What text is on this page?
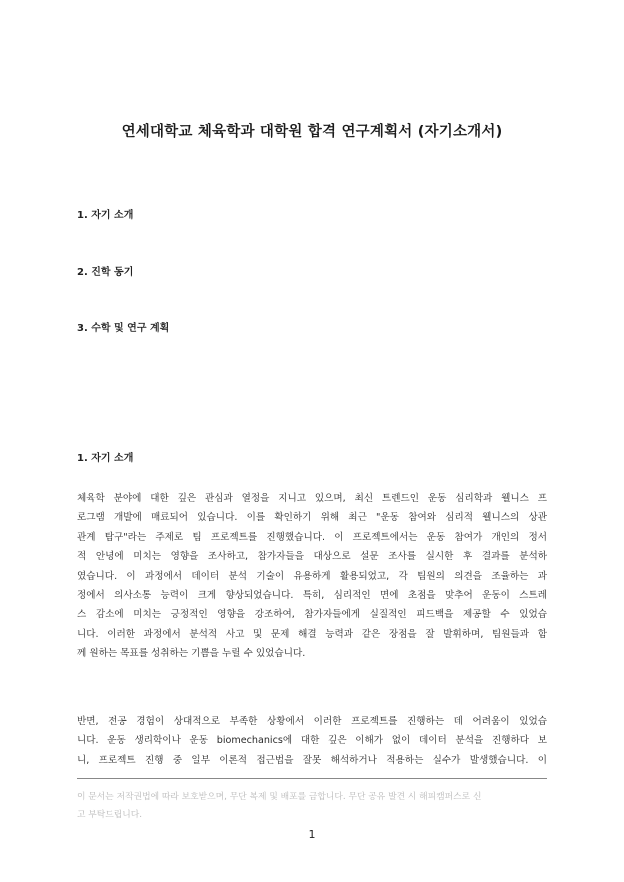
연세대학교 체육학과 대학원 합격 연구계획서 (자기소개서)
1. 자기 소개
2. 진학 동기
3. 수학 및 연구 계획
1. 자기 소개
체육학 분야에 대한 깊은 관심과 열정을 지니고 있으며, 최신 트렌드인 운동 심리학과 웰니스 프
로그램 개발에 매료되어 있습니다. 이를 확인하기 위해 최근 "운동 참여와 심리적 웰니스의 상관
관계 탐구"라는 주제로 팀 프로젝트를 진행했습니다. 이 프로젝트에서는 운동 참여가 개인의 정서
적 안녕에 미치는 영향을 조사하고, 참가자들을 대상으로 설문 조사를 실시한 후 결과를 분석하
였습니다. 이 과정에서 데이터 분석 기술이 유용하게 활용되었고, 각 팀원의 의견을 조율하는 과
정에서 의사소통 능력이 크게 향상되었습니다. 특히, 심리적인 면에 초점을 맞추어 운동이 스트레
스 감소에 미치는 긍정적인 영향을 강조하여, 참가자들에게 실질적인 피드백을 제공할 수 있었습
니다. 이러한 과정에서 분석적 사고 및 문제 해결 능력과 같은 장점을 잘 발휘하며, 팀원들과 함
께 원하는 목표를 성취하는 기쁨을 누릴 수 있었습니다.
반면, 전공 경험이 상대적으로 부족한 상황에서 이러한 프로젝트를 진행하는 데 어려움이 있었습
니다. 운동 생리학이나 운동 biomechanics에 대한 깊은 이해가 없이 데이터 분석을 진행하다 보
니, 프로젝트 진행 중 일부 이론적 접근법을 잘못 해석하거나 적용하는 실수가 발생했습니다. 이
이 문서는 저작권법에 따라 보호받으며, 무단 복제 및 배포를 금합니다. 무단 공유 발견 시 해피캠퍼스로 신
고 부탁드립니다.
1
